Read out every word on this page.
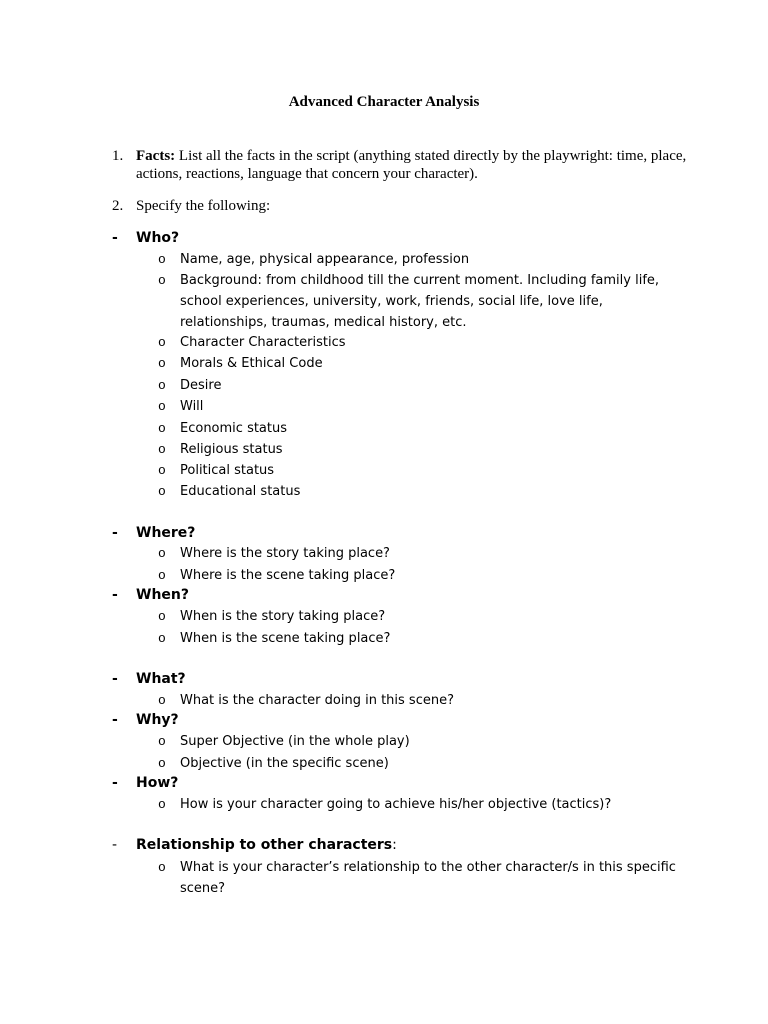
Advanced Character Analysis
1. Facts: List all the facts in the script (anything stated directly by the playwright: time, place, actions, reactions, language that concern your character).
2. Specify the following:
- Who?
o Name, age, physical appearance, profession
o Background: from childhood till the current moment. Including family life, school experiences, university, work, friends, social life, love life, relationships, traumas, medical history, etc.
o Character Characteristics
o Morals & Ethical Code
o Desire
o Will
o Economic status
o Religious status
o Political status
o Educational status
- Where?
o Where is the story taking place?
o Where is the scene taking place?
- When?
o When is the story taking place?
o When is the scene taking place?
- What?
o What is the character doing in this scene?
- Why?
o Super Objective (in the whole play)
o Objective (in the specific scene)
- How?
o How is your character going to achieve his/her objective (tactics)?
- Relationship to other characters:
o What is your character’s relationship to the other character/s in this specific scene?
